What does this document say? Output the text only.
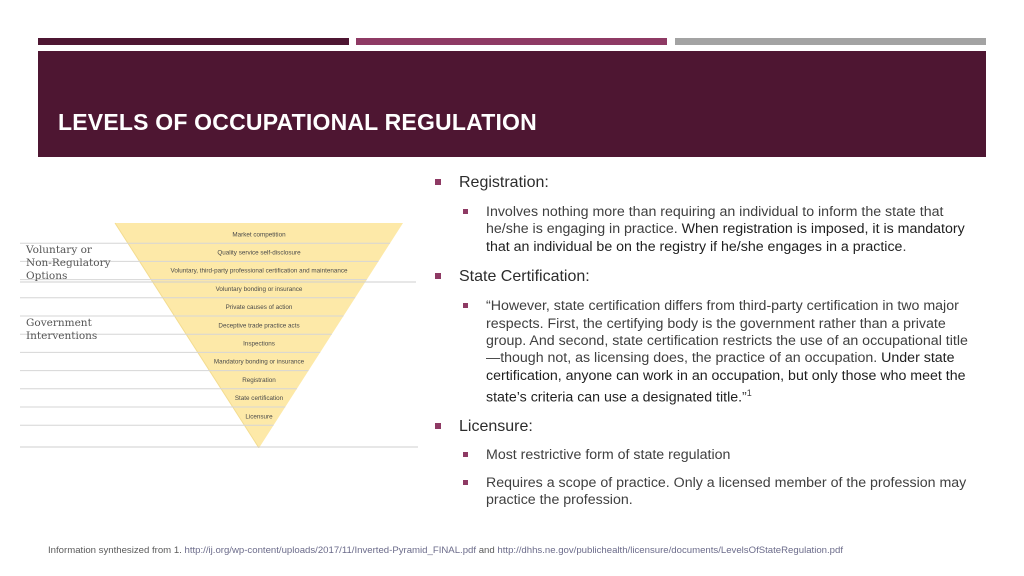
LEVELS OF OCCUPATIONAL REGULATION
Voluntary or
Non-Regulatory
Options
Government
Interventions
Market competition
Quality service self-disclosure
Voluntary, third-party professional certification and maintenance
Voluntary bonding or insurance
Private causes of action
Deceptive trade practice acts
Inspections
Mandatory bonding or insurance
Registration
State certification
Licensure
Registration:
Involves nothing more than requiring an individual to inform the state that he/she is engaging in practice. When registration is imposed, it is mandatory that an individual be on the registry if he/she engages in a practice.
State Certification:
“However, state certification differs from third-party certification in two major respects. First, the certifying body is the government rather than a private group. And second, state certification restricts the use of an occupational title—though not, as licensing does, the practice of an occupation. Under state certification, anyone can work in an occupation, but only those who meet the state’s criteria can use a designated title.”$^1$
Licensure:
Most restrictive form of state regulation
Requires a scope of practice. Only a licensed member of the profession may practice the profession.
Information synthesized from 1. http://ij.org/wp-content/uploads/2017/11/Inverted-Pyramid_FINAL.pdf and http://dhhs.ne.gov/publichealth/licensure/documents/LevelsOfStateRegulation.pdf
